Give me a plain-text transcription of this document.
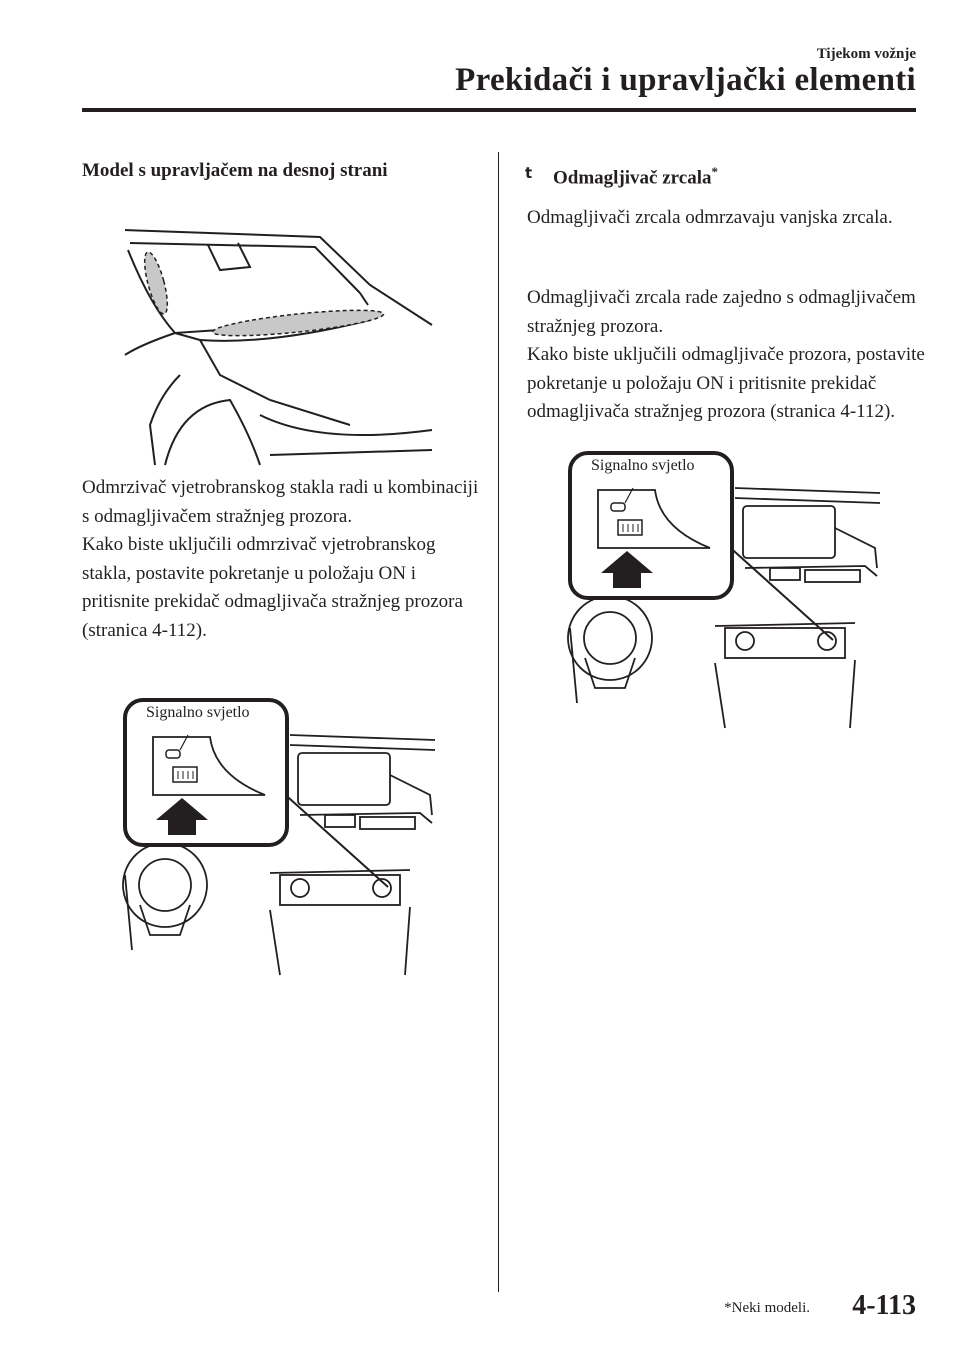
Tijekom vožnje
Prekidači i upravljački elementi
Model s upravljačem na desnoj strani
Odmrzivač vjetrobranskog stakla radi u kombinaciji s odmagljivačem stražnjeg prozora.
Kako biste uključili odmrzivač vjetrobranskog stakla, postavite pokretanje u položaju ON i pritisnite prekidač odmagljivača stražnjeg prozora (stranica 4-112).
Signalno svjetlo
t Odmagljivač zrcala*
Odmagljivači zrcala odmrzavaju vanjska zrcala.
Odmagljivači zrcala rade zajedno s odmagljivačem stražnjeg prozora.
Kako biste uključili odmagljivače prozora, postavite pokretanje u položaju ON i pritisnite prekidač odmagljivača stražnjeg prozora (stranica 4-112).
Signalno svjetlo
*Neki modeli. 4-113
